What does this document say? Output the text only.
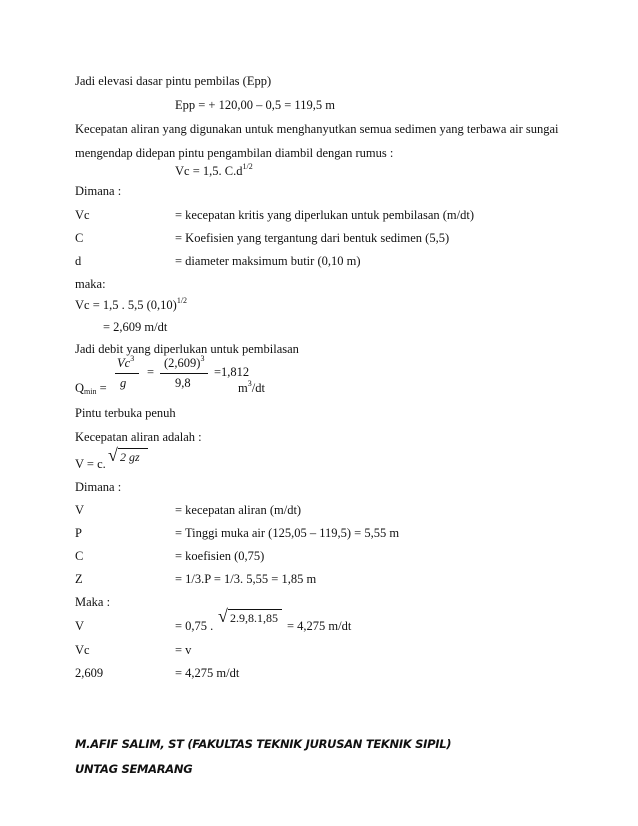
Jadi elevasi dasar pintu pembilas (Epp)
Epp = + 120,00 – 0,5 = 119,5 m
Kecepatan aliran yang digunakan untuk menghanyutkan semua sedimen yang terbawa air sungai
mengendap didepan pintu pengambilan diambil dengan rumus :
Vc = 1,5. $C.d^{1/2}$
Dimana :
Vc	= kecepatan kritis yang diperlukan untuk pembilasan (m/dt)
C	= Koefisien yang tergantung dari bentuk sedimen (5,5)
d	= diameter maksimum butir (0,10 m)
maka:
Vc = 1,5 . 5,5 $(0,10)^{1/2}$
= 2,609 m/dt
Jadi debit yang diperlukan untuk pembilasan
Vc$^3$
g
=
$(2,609)^3$
9,8
=1,812
$Q_{min}$ =	$m^3/dt$
Pintu terbuka penuh
Kecepatan aliran adalah :
V = c. √ 2 gz
Dimana :
V	= kecepatan aliran (m/dt)
P	= Tinggi muka air (125,05 – 119,5) = 5,55 m
C	= koefisien (0,75)
Z	= 1/3.P = 1/3. 5,55 = 1,85 m
Maka :
V	= 0,75 .	= 4,275 m/dt
√ 2.9,8.1,85
Vc	= v
2,609	= 4,275 m/dt
M.AFIF SALIM, ST (FAKULTAS TEKNIK JURUSAN TEKNIK SIPIL)
UNTAG SEMARANG
